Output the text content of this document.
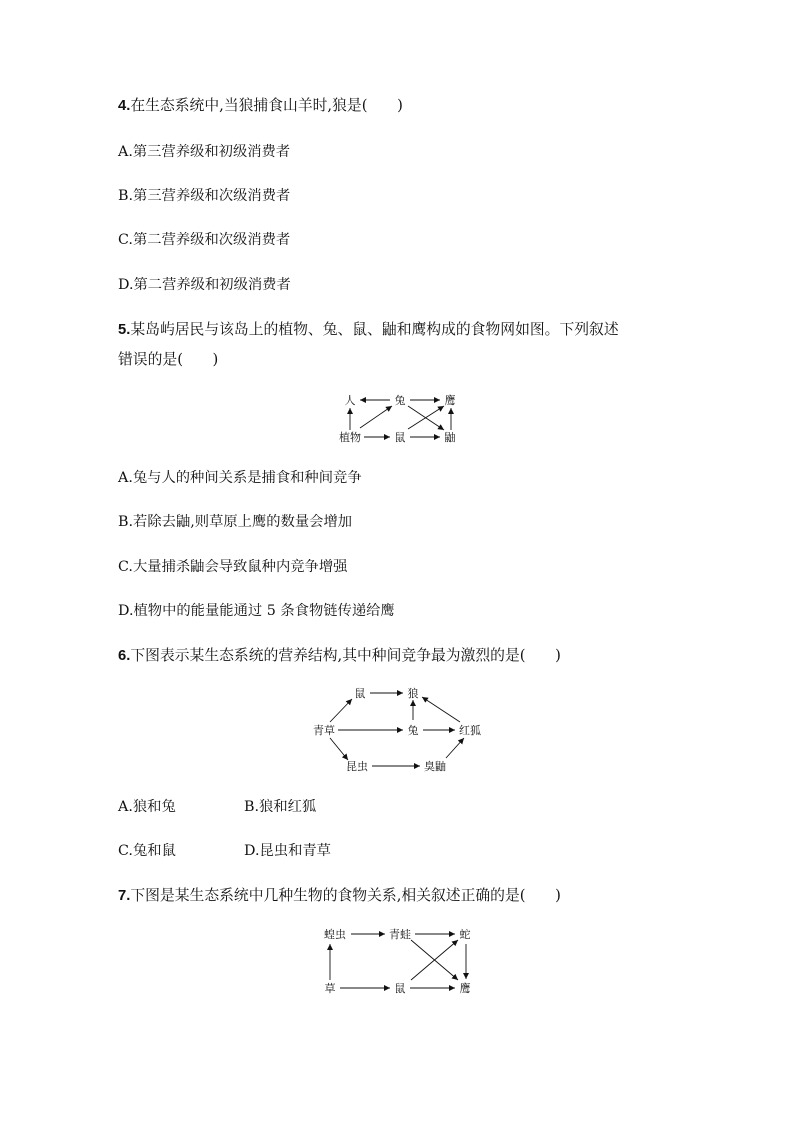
4.在生态系统中,当狼捕食山羊时,狼是(　　)
A.第三营养级和初级消费者
B.第三营养级和次级消费者
C.第二营养级和次级消费者
D.第二营养级和初级消费者
5.某岛屿居民与该岛上的植物、兔、鼠、鼬和鹰构成的食物网如图。下列叙述
错误的是(　　)
人	兔	鹰
植物	鼠	鼬
A.兔与人的种间关系是捕食和种间竞争
B.若除去鼬,则草原上鹰的数量会增加
C.大量捕杀鼬会导致鼠种内竞争增强
D.植物中的能量能通过 5 条食物链传递给鹰
6.下图表示某生态系统的营养结构,其中种间竞争最为激烈的是(　　)
鼠	狼
青草	兔	红狐
昆虫	臭鼬
A.狼和兔	B.狼和红狐
C.兔和鼠	D.昆虫和青草
7.下图是某生态系统中几种生物的食物关系,相关叙述正确的是(　　)
蝗虫	青蛙	蛇
草	鼠	鹰
